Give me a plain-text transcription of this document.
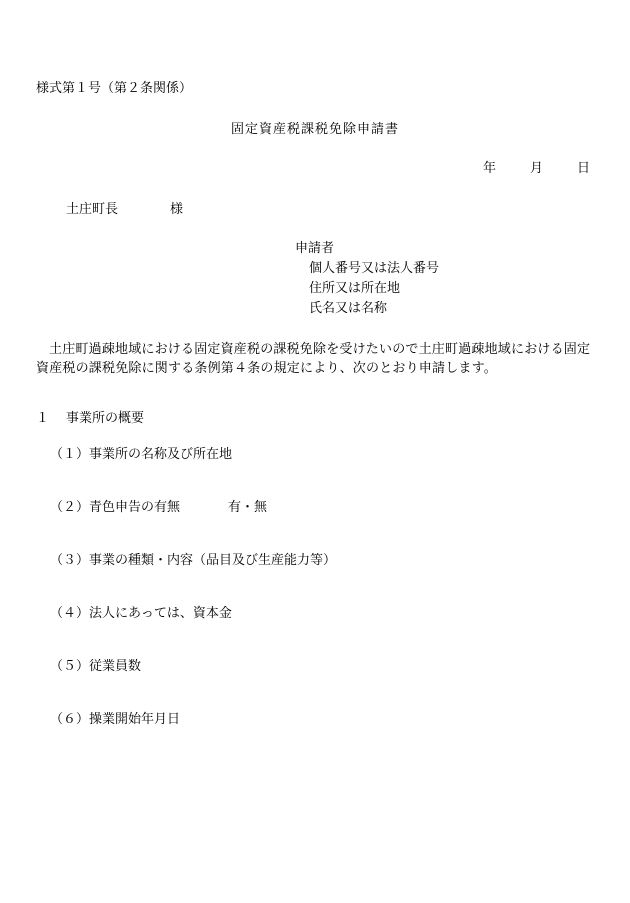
様式第１号（第２条関係）
固定資産税課税免除申請書
年	月	日
土庄町長	様
申請者
個人番号又は法人番号
住所又は所在地
氏名又は名称
土庄町過疎地域における固定資産税の課税免除を受けたいので土庄町過疎地域における固定資産税の課税免除に関する条例第４条の規定により、次のとおり申請します。
１ 事業所の概要
（１）事業所の名称及び所在地
（２）青色申告の有無	有・無
（３）事業の種類・内容（品目及び生産能力等）
（４）法人にあっては、資本金
（５）従業員数
（６）操業開始年月日
